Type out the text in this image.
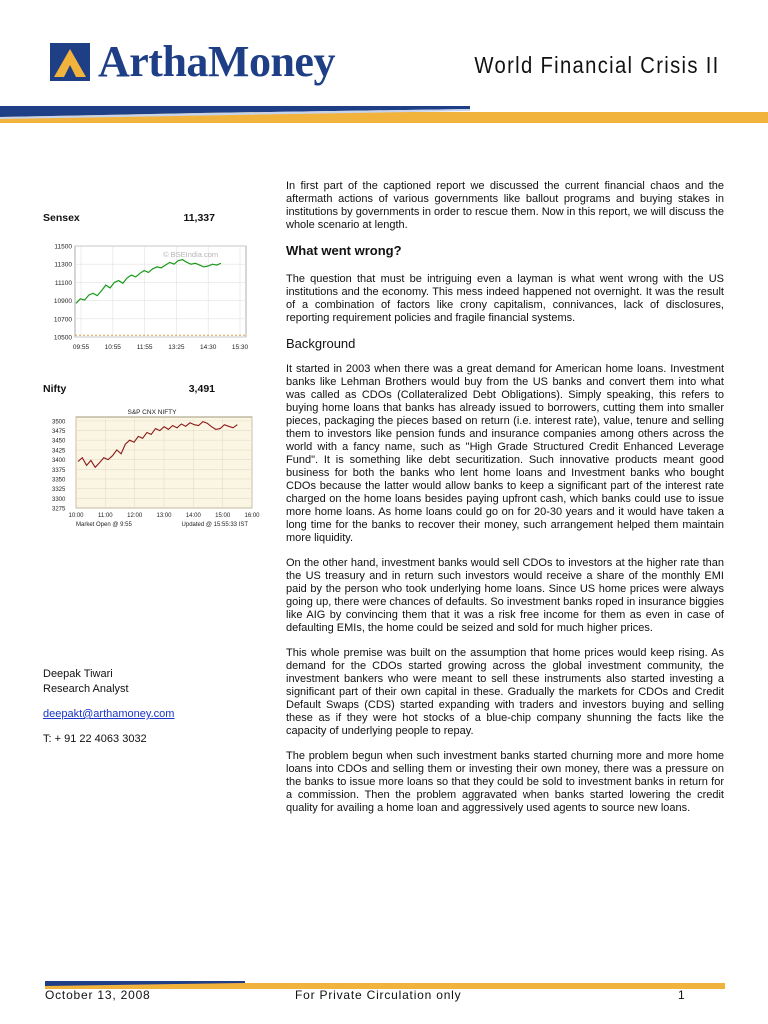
ArthaMoney	World Financial Crisis II
Sensex	11,337
11500
11300
11100
10900
10700
10500
09:55 10:55 11:55 13:25 14:30 15:30
© BSEIndia.com
Nifty	3,491
S&P CNX NIFTY
3500
3475
3450
3425
3400
3375
3350
3325
3300
3275
10:00 11:00 12:00 13:00 14:00 15:00 16:00
Market Open @ 9:55	Updated @ 15:55:33 IST
Deepak Tiwari
Research Analyst
deepakt@arthamoney.com
T: + 91 22 4063 3032

In first part of the captioned report we discussed the current financial chaos and the aftermath actions of various governments like ballout programs and buying stakes in institutions by governments in order to rescue them. Now in this report, we will discuss the whole scenario at length.

What went wrong?

The question that must be intriguing even a layman is what went wrong with the US institutions and the economy. This mess indeed happened not overnight. It was the result of a combination of factors like crony capitalism, connivances, lack of disclosures, reporting requirement policies and fragile financial systems.

Background

It started in 2003 when there was a great demand for American home loans. Investment banks like Lehman Brothers would buy from the US banks and convert them into what was called as CDOs (Collateralized Debt Obligations). Simply speaking, this refers to buying home loans that banks has already issued to borrowers, cutting them into smaller pieces, packaging the pieces based on return (i.e. interest rate), value, tenure and selling them to investors like pension funds and insurance companies among others across the world with a fancy name, such as "High Grade Structured Credit Enhanced Leverage Fund". It is something like debt securitization. Such innovative products meant good business for both the banks who lent home loans and Investment banks who bought CDOs because the latter would allow banks to keep a significant part of the interest rate charged on the home loans besides paying upfront cash, which banks could use to issue more home loans. As home loans could go on for 20-30 years and it would have taken a long time for the banks to recover their money, such arrangement helped them maintain more liquidity.

On the other hand, investment banks would sell CDOs to investors at the higher rate than the US treasury and in return such investors would receive a share of the monthly EMI paid by the person who took underlying home loans. Since US home prices were always going up, there were chances of defaults. So investment banks roped in insurance biggies like AIG by convincing them that it was a risk free income for them as even in case of defaulting EMIs, the home could be seized and sold for much higher prices.

This whole premise was built on the assumption that home prices would keep rising. As demand for the CDOs started growing across the global investment community, the investment bankers who were meant to sell these instruments also started investing a significant part of their own capital in these. Gradually the markets for CDOs and Credit Default Swaps (CDS) started expanding with traders and investors buying and selling these as if they were hot stocks of a blue-chip company shunning the facts like the capacity of underlying people to repay.

The problem begun when such investment banks started churning more and more home loans into CDOs and selling them or investing their own money, there was a pressure on the banks to issue more loans so that they could be sold to investment banks in return for a commission. Then the problem aggravated when banks started lowering the credit quality for availing a home loan and aggressively used agents to source new loans.

October 13, 2008	For Private Circulation only	1
